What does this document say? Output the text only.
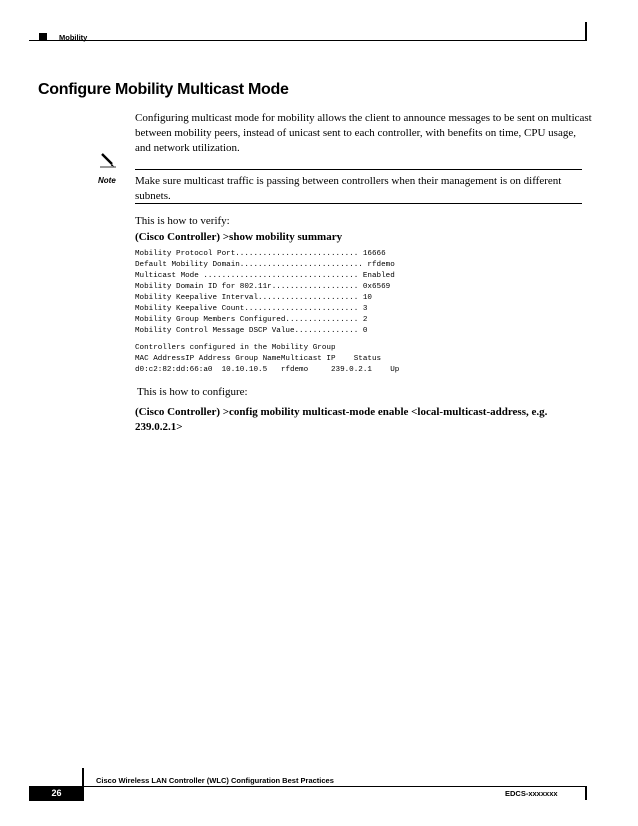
Mobility
Configure Mobility Multicast Mode
Configuring multicast mode for mobility allows the client to announce messages to be sent on multicast between mobility peers, instead of unicast sent to each controller, with benefits on time, CPU usage, and network utilization.
Note Make sure multicast traffic is passing between controllers when their management is on different subnets.
This is how to verify:
(Cisco Controller) >show mobility summary
Mobility Protocol Port........................... 16666
Default Mobility Domain........................... rfdemo
Multicast Mode .................................. Enabled
Mobility Domain ID for 802.11r................... 0x6569
Mobility Keepalive Interval...................... 10
Mobility Keepalive Count......................... 3
Mobility Group Members Configured................ 2
Mobility Control Message DSCP Value.............. 0
Controllers configured in the Mobility Group
MAC AddressIP Address Group NameMulticast IP    Status
d0:c2:82:dd:66:a0  10.10.10.5   rfdemo     239.0.2.1    Up
This is how to configure:
(Cisco Controller) >config mobility multicast-mode enable <local-multicast-address, e.g. 239.0.2.1>
Cisco Wireless LAN Controller (WLC) Configuration Best Practices
26	EDCS-xxxxxxx
